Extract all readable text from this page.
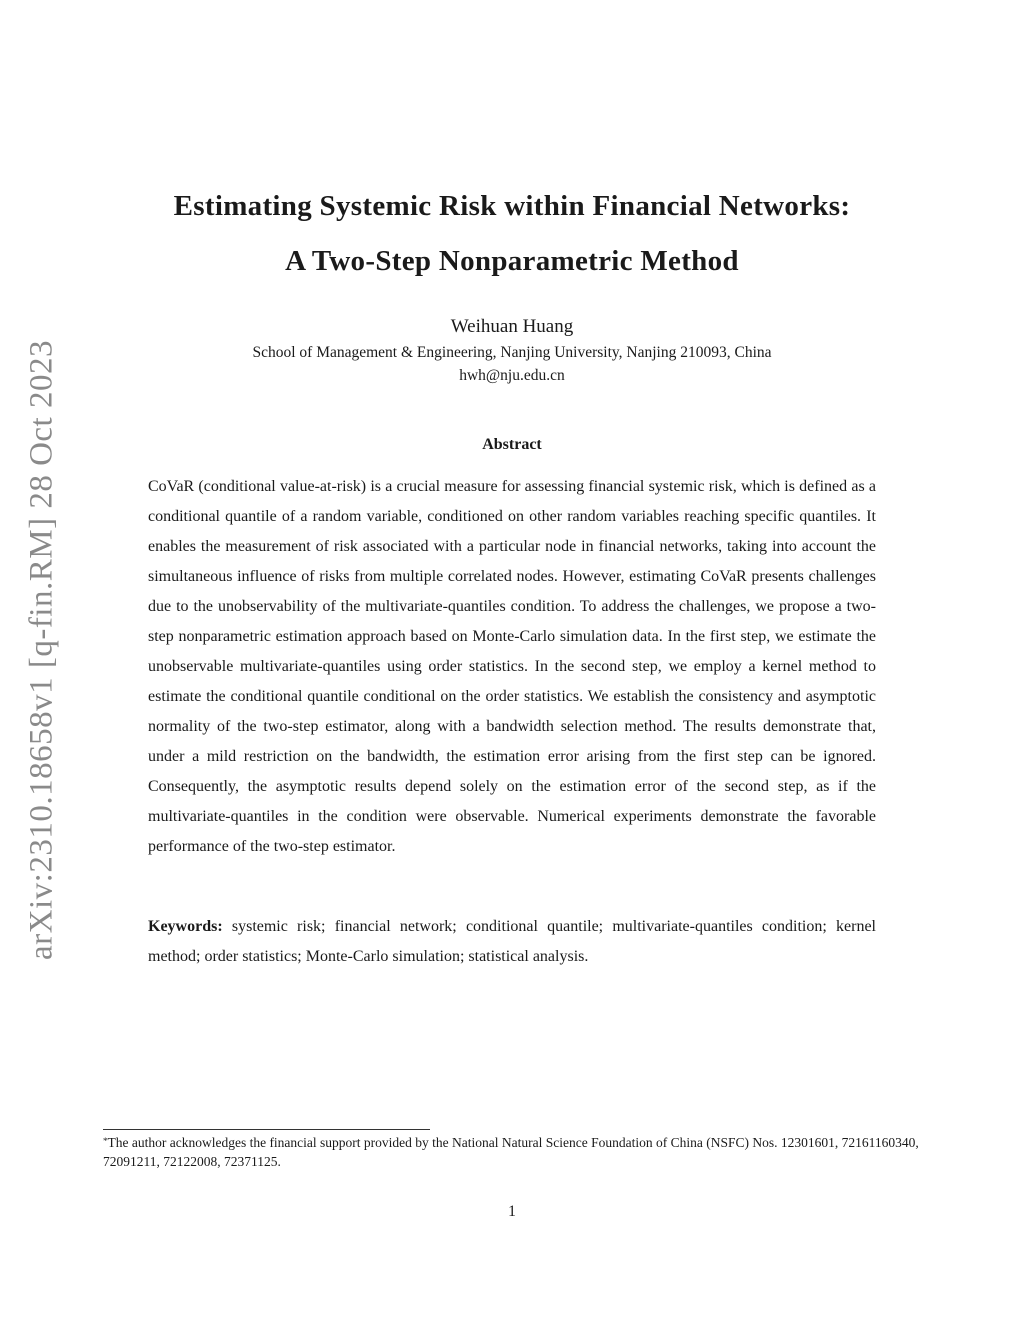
arXiv:2310.18658v1 [q-fin.RM] 28 Oct 2023
Estimating Systemic Risk within Financial Networks:
A Two-Step Nonparametric Method
Weihuan Huang
School of Management & Engineering, Nanjing University, Nanjing 210093, China
hwh@nju.edu.cn
Abstract

CoVaR (conditional value-at-risk) is a crucial measure for assessing financial systemic risk, which is defined as a conditional quantile of a random variable, conditioned on other random variables reaching specific quantiles. It enables the measurement of risk associated with a particular node in financial networks, taking into account the simultaneous influence of risks from multiple correlated nodes. However, estimating CoVaR presents challenges due to the unobservability of the multivariate-quantiles condition. To address the challenges, we propose a two-step nonparametric estimation approach based on Monte-Carlo simulation data. In the first step, we estimate the unobservable multivariate-quantiles using order statistics. In the second step, we employ a kernel method to estimate the conditional quantile conditional on the order statistics. We establish the consistency and asymptotic normality of the two-step estimator, along with a bandwidth selection method. The results demonstrate that, under a mild restriction on the bandwidth, the estimation error arising from the first step can be ignored. Consequently, the asymptotic results depend solely on the estimation error of the second step, as if the multivariate-quantiles in the condition were observable. Numerical experiments demonstrate the favorable performance of the two-step estimator.

Keywords: systemic risk; financial network; conditional quantile; multivariate-quantiles condition; kernel method; order statistics; Monte-Carlo simulation; statistical analysis.

*The author acknowledges the financial support provided by the National Natural Science Foundation of China (NSFC) Nos. 12301601, 72161160340, 72091211, 72122008, 72371125.

1
